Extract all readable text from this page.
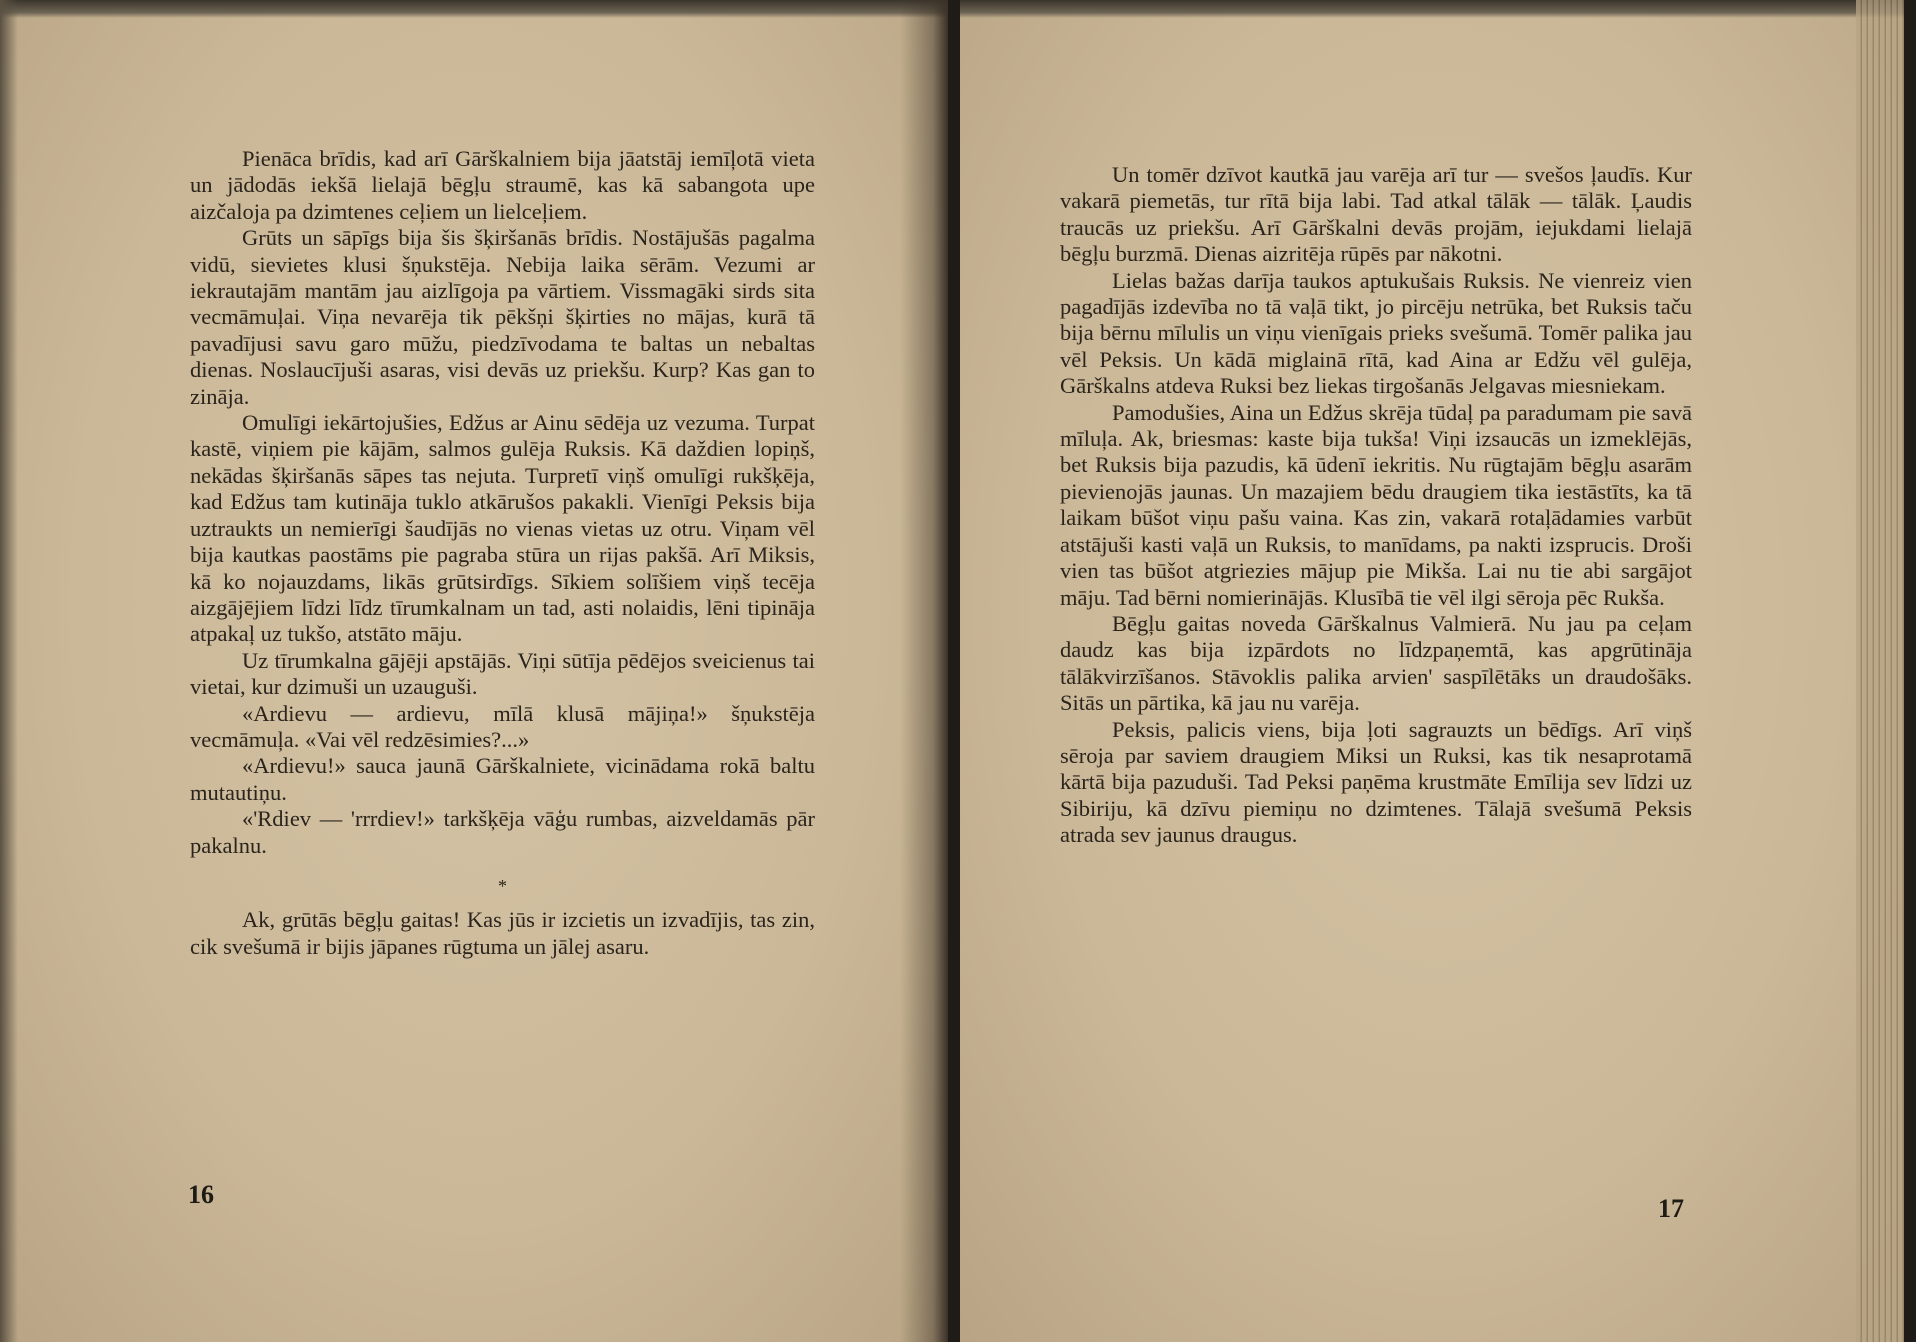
Pienāca brīdis, kad arī Gārškalniem bija jāatstāj iemīļotā vieta un jādodās iekšā lielajā bēgļu straumē, kas kā sabangota upe aizčaloja pa dzimtenes ceļiem un lielceļiem.

Grūts un sāpīgs bija šis šķiršanās brīdis. Nostājušās pagalma vidū, sievietes klusi šņukstēja. Nebija laika sērām. Vezumi ar iekrautajām mantām jau aizlīgoja pa vārtiem. Vissmagāki sirds sita vecmāmuļai. Viņa nevarēja tik pēkšņi šķirties no mājas, kurā tā pavadījusi savu garo mūžu, piedzīvodama te baltas un nebaltas dienas. Noslaucījuši asaras, visi devās uz priekšu. Kurp? Kas gan to zināja.

Omulīgi iekārtojušies, Edžus ar Ainu sēdēja uz vezuma. Turpat kastē, viņiem pie kājām, salmos gulēja Ruksis. Kā daždien lopiņš, nekādas šķiršanās sāpes tas nejuta. Turpretī viņš omulīgi rukšķēja, kad Edžus tam kutināja tuklo atkārušos pakakli. Vienīgi Peksis bija uztraukts un nemierīgi šaudījās no vienas vietas uz otru. Viņam vēl bija kautkas paostāms pie pagraba stūra un rijas pakšā. Arī Miksis, kā ko nojauzdams, likās grūtsirdīgs. Sīkiem solīšiem viņš tecēja aizgājējiem līdzi līdz tīrumkalnam un tad, asti nolaidis, lēni tipināja atpakaļ uz tukšo, atstāto māju.

Uz tīrumkalna gājēji apstājās. Viņi sūtīja pēdējos sveicienus tai vietai, kur dzimuši un uzauguši.

«Ardievu — ardievu, mīlā klusā mājiņa!» šņukstēja vecmāmuļa. «Vai vēl redzēsimies?...»

«Ardievu!» sauca jaunā Gārškalniete, vicinādama rokā baltu mutautiņu.

«'Rdiev — 'rrrdiev!» tarkšķēja vāģu rumbas, aizveldamās pār pakalnu.

*

Ak, grūtās bēgļu gaitas! Kas jūs ir izcietis un izvadījis, tas zin, cik svešumā ir bijis jāpanes rūgtuma un jālej asaru.

16

Un tomēr dzīvot kautkā jau varēja arī tur — svešos ļaudīs. Kur vakarā piemetās, tur rītā bija labi. Tad atkal tālāk — tālāk. Ļaudis traucās uz priekšu. Arī Gārškalni devās projām, iejukdami lielajā bēgļu burzmā. Dienas aizritēja rūpēs par nākotni.

Lielas bažas darīja taukos aptukušais Ruksis. Ne vienreiz vien pagadījās izdevība no tā vaļā tikt, jo pircēju netrūka, bet Ruksis taču bija bērnu mīlulis un viņu vienīgais prieks svešumā. Tomēr palika jau vēl Peksis. Un kādā miglainā rītā, kad Aina ar Edžu vēl gulēja, Gārškalns atdeva Ruksi bez liekas tirgošanās Jelgavas miesniekam.

Pamodušies, Aina un Edžus skrēja tūdaļ pa paradumam pie savā mīluļa. Ak, briesmas: kaste bija tukša! Viņi izsaucās un izmeklējās, bet Ruksis bija pazudis, kā ūdenī iekritis. Nu rūgtajām bēgļu asarām pievienojās jaunas. Un mazajiem bēdu draugiem tika iestāstīts, ka tā laikam būšot viņu pašu vaina. Kas zin, vakarā rotaļādamies varbūt atstājuši kasti vaļā un Ruksis, to manīdams, pa nakti izsprucis. Droši vien tas būšot atgriezies mājup pie Mikša. Lai nu tie abi sargājot māju. Tad bērni nomierinājās. Klusībā tie vēl ilgi sēroja pēc Rukša.

Bēgļu gaitas noveda Gārškalnus Valmierā. Nu jau pa ceļam daudz kas bija izpārdots no līdzpaņemtā, kas apgrūtināja tālākvirzīšanos. Stāvoklis palika arvien' saspīlētāks un draudošāks. Sitās un pārtika, kā jau nu varēja.

Peksis, palicis viens, bija ļoti sagrauzts un bēdīgs. Arī viņš sēroja par saviem draugiem Miksi un Ruksi, kas tik nesaprotamā kārtā bija pazuduši. Tad Peksi paņēma krustmāte Emīlija sev līdzi uz Sibiriju, kā dzīvu piemiņu no dzimtenes. Tālajā svešumā Peksis atrada sev jaunus draugus.

17
